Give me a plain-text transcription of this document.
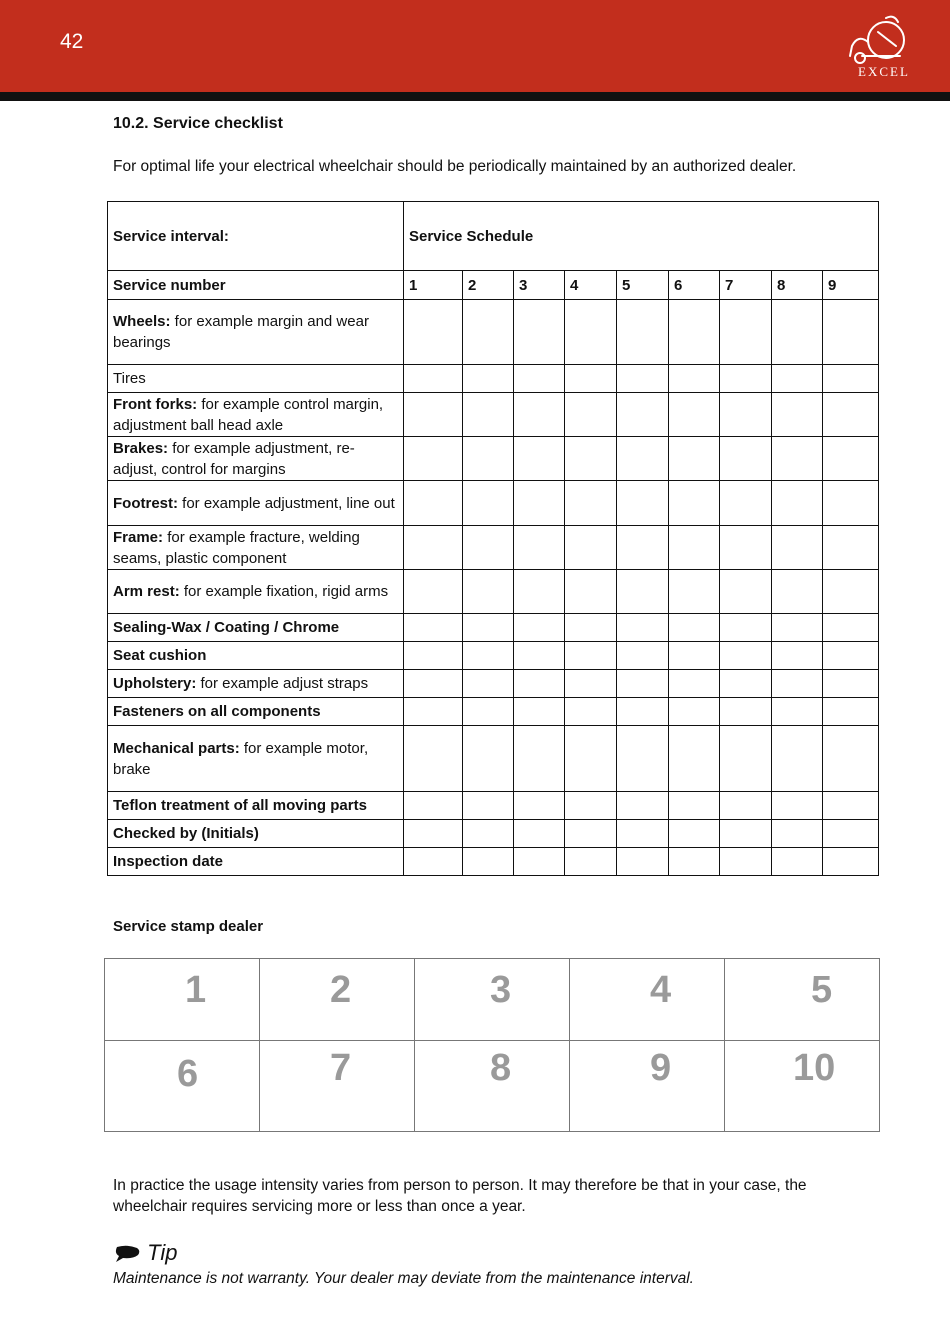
42
EXCEL
10.2. Service checklist
For optimal life your electrical wheelchair should be periodically maintained by an authorized dealer.
Service interval:	Service Schedule								
Service number	1	2	3	4	5	6	7	8	9
Wheels: for example margin and wear bearings									
Tires									
Front forks: for example control margin, adjustment ball head axle									
Brakes: for example adjustment, re-adjust, control for margins									
Footrest: for example adjustment, line out									
Frame: for example fracture, welding seams, plastic component									
Arm rest: for example fixation, rigid arms									
Sealing-Wax / Coating / Chrome									
Seat cushion									
Upholstery: for example adjust straps									
Fasteners on all components									
Mechanical parts: for example motor, brake									
Teflon treatment of all moving parts									
Checked by (Initials)									
Inspection date									
Service stamp dealer
1	2	3	4	5

6	7	8	9	10
In practice the usage intensity varies from person to person. It may therefore be that in your case, the wheelchair requires servicing more or less than once a year.
Tip
Maintenance is not warranty. Your dealer may deviate from the maintenance interval.
